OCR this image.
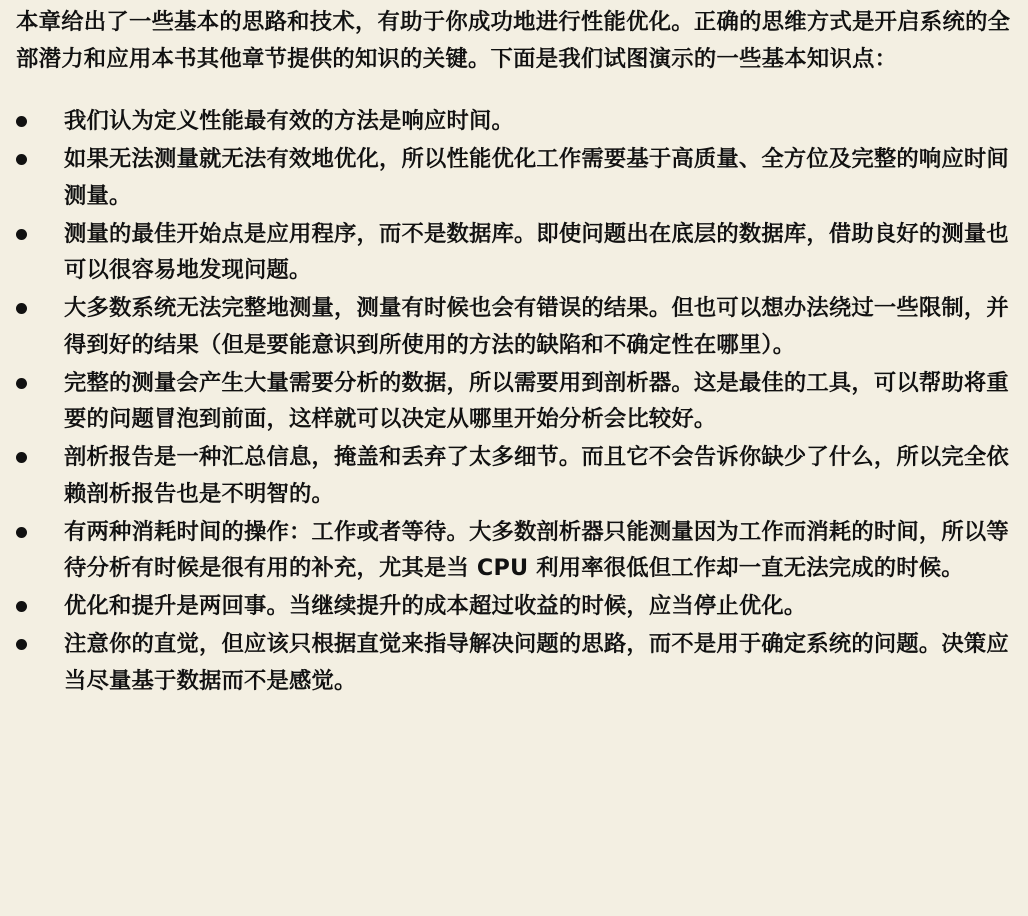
本章给出了一些基本的思路和技术，有助于你成功地进行性能优化。正确的思维方式是开启系统的全部潜力和应用本书其他章节提供的知识的关键。下面是我们试图演示的一些基本知识点：

我们认为定义性能最有效的方法是响应时间。
如果无法测量就无法有效地优化，所以性能优化工作需要基于高质量、全方位及完整的响应时间测量。
测量的最佳开始点是应用程序，而不是数据库。即使问题出在底层的数据库，借助良好的测量也可以很容易地发现问题。
大多数系统无法完整地测量，测量有时候也会有错误的结果。但也可以想办法绕过一些限制，并得到好的结果（但是要能意识到所使用的方法的缺陷和不确定性在哪里）。
完整的测量会产生大量需要分析的数据，所以需要用到剖析器。这是最佳的工具，可以帮助将重要的问题冒泡到前面，这样就可以决定从哪里开始分析会比较好。
剖析报告是一种汇总信息，掩盖和丢弃了太多细节。而且它不会告诉你缺少了什么，所以完全依赖剖析报告也是不明智的。
有两种消耗时间的操作：工作或者等待。大多数剖析器只能测量因为工作而消耗的时间，所以等待分析有时候是很有用的补充，尤其是当 CPU 利用率很低但工作却一直无法完成的时候。
优化和提升是两回事。当继续提升的成本超过收益的时候，应当停止优化。
注意你的直觉，但应该只根据直觉来指导解决问题的思路，而不是用于确定系统的问题。决策应当尽量基于数据而不是感觉。
